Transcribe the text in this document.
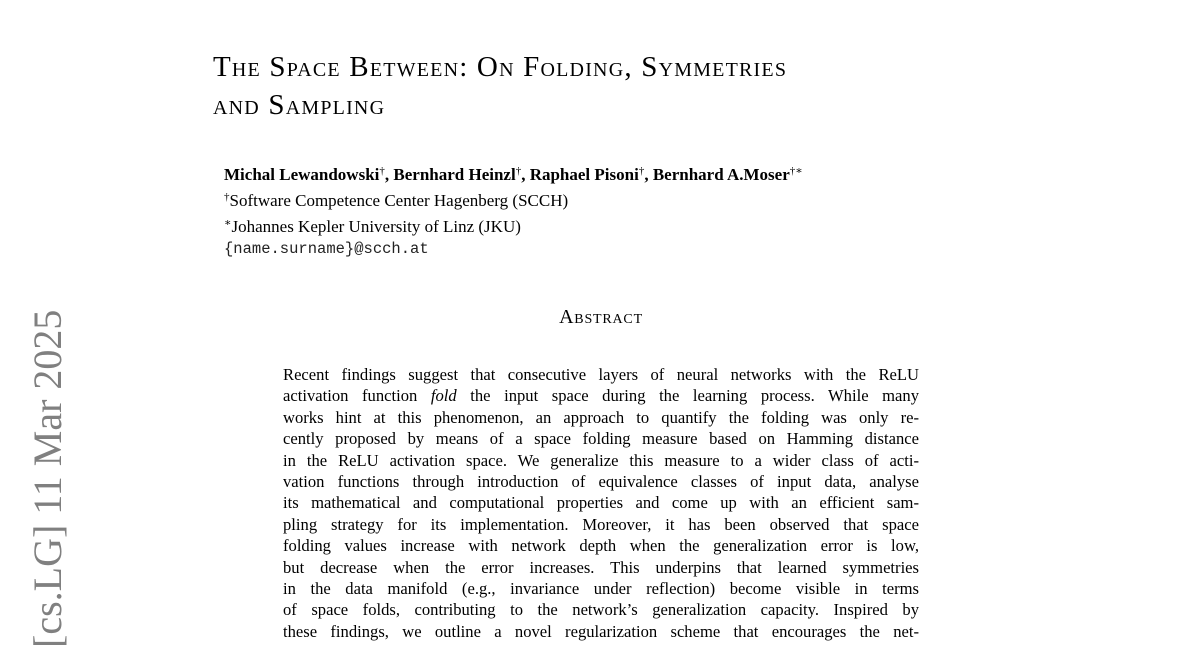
[cs.LG] 11 Mar 2025
The Space Between: On Folding, Symmetries
and Sampling
Michal Lewandowski†, Bernhard Heinzl†, Raphael Pisoni†, Bernhard A.Moser†∗
†Software Competence Center Hagenberg (SCCH)
∗Johannes Kepler University of Linz (JKU)
{name.surname}@scch.at
Abstract
Recent findings suggest that consecutive layers of neural networks with the ReLU
activation function fold the input space during the learning process. While many
works hint at this phenomenon, an approach to quantify the folding was only re-
cently proposed by means of a space folding measure based on Hamming distance
in the ReLU activation space. We generalize this measure to a wider class of acti-
vation functions through introduction of equivalence classes of input data, analyse
its mathematical and computational properties and come up with an efficient sam-
pling strategy for its implementation. Moreover, it has been observed that space
folding values increase with network depth when the generalization error is low,
but decrease when the error increases. This underpins that learned symmetries
in the data manifold (e.g., invariance under reflection) become visible in terms
of space folds, contributing to the network’s generalization capacity. Inspired by
these findings, we outline a novel regularization scheme that encourages the net-
